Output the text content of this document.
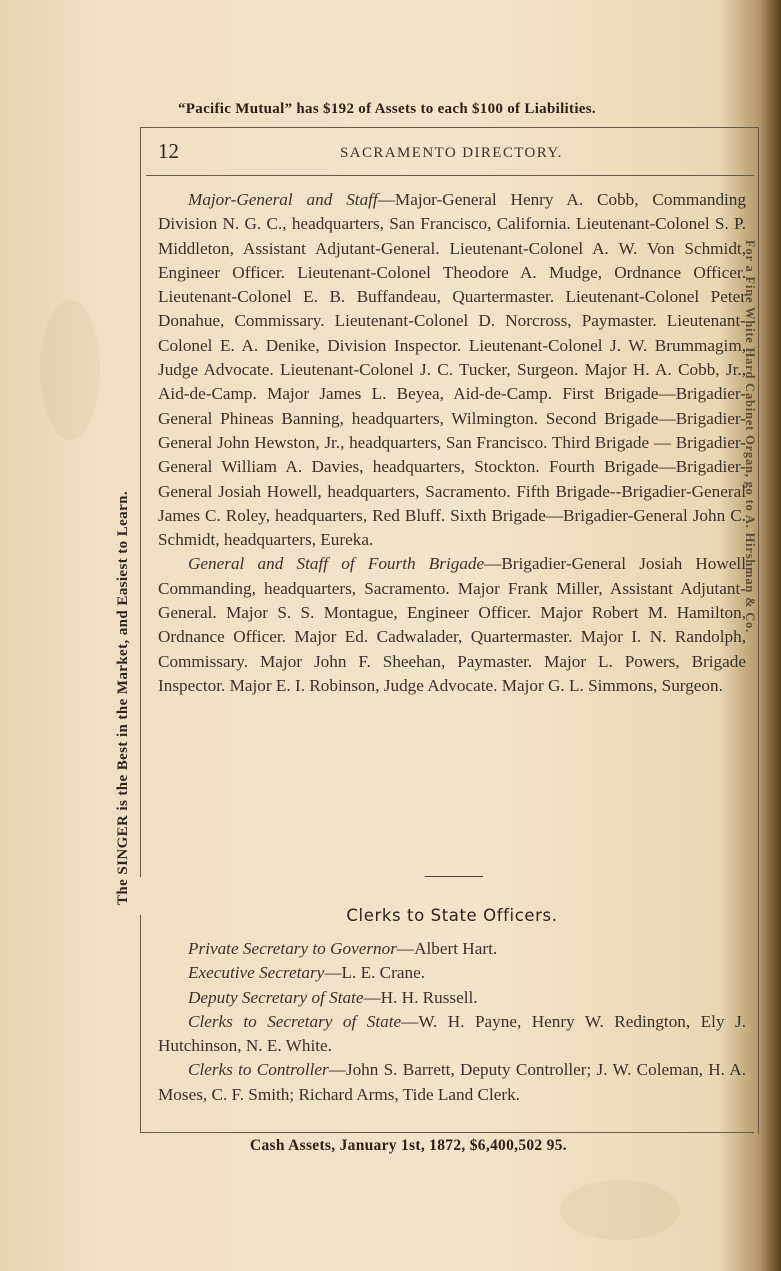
“Pacific Mutual” has $192 of Assets to each $100 of Liabilities.
12	SACRAMENTO DIRECTORY.

Major-General and Staff—Major-General Henry A. Cobb, Commanding Division N. G. C., headquarters, San Francisco, California. Lieutenant-Colonel S. P. Middleton, Assistant Adjutant-General. Lieutenant-Colonel A. W. Von Schmidt, Engineer Officer. Lieutenant-Colonel Theodore A. Mudge, Ordnance Officer. Lieutenant-Colonel E. B. Buffandeau, Quartermaster. Lieutenant-Colonel Peter Donahue, Commissary. Lieutenant-Colonel D. Norcross, Paymaster. Lieutenant-Colonel E. A. Denike, Division Inspector. Lieutenant-Colonel J. W. Brummagim, Judge Advocate. Lieutenant-Colonel J. C. Tucker, Surgeon. Major H. A. Cobb, Jr., Aid-de-Camp. Major James L. Beyea, Aid-de-Camp. First Brigade—Brigadier-General Phineas Banning, headquarters, Wilmington. Second Brigade—Brigadier-General John Hewston, Jr., headquarters, San Francisco. Third Brigade — Brigadier-General William A. Davies, headquarters, Stockton. Fourth Brigade—Brigadier-General Josiah Howell, headquarters, Sacramento. Fifth Brigade--Brigadier-General James C. Roley, headquarters, Red Bluff. Sixth Brigade—Brigadier-General John C. Schmidt, headquarters, Eureka.

General and Staff of Fourth Brigade—Brigadier-General Josiah Howell Commanding, headquarters, Sacramento. Major Frank Miller, Assistant Adjutant-General. Major S. S. Montague, Engineer Officer. Major Robert M. Hamilton, Ordnance Officer. Major Ed. Cadwalader, Quartermaster. Major I. N. Randolph, Commissary. Major John F. Sheehan, Paymaster. Major L. Powers, Brigade Inspector. Major E. I. Robinson, Judge Advocate. Major G. L. Simmons, Surgeon.

Clerks to State Officers.

Private Secretary to Governor—Albert Hart.

Executive Secretary—L. E. Crane.

Deputy Secretary of State—H. H. Russell.

Clerks to Secretary of State—W. H. Payne, Henry W. Redington, Ely J. Hutchinson, N. E. White.

Clerks to Controller—John S. Barrett, Deputy Controller; J. W. Coleman, H. A. Moses, C. F. Smith; Richard Arms, Tide Land Clerk.

Cash Assets, January 1st, 1872, $6,400,502 95.
The SINGER is the Best in the Market, and Easiest to Learn.
For a Fine White Hard Cabinet Organ, go to A. Hirshman & Co.
